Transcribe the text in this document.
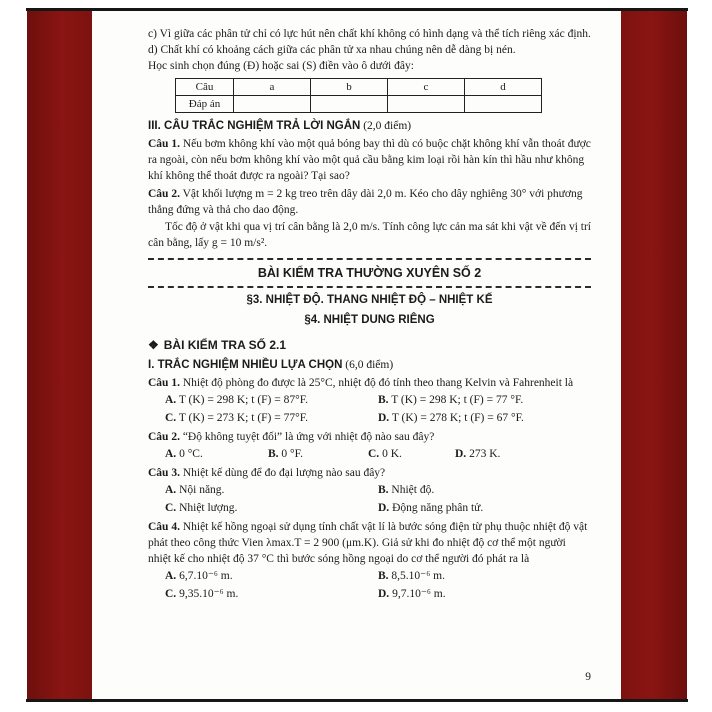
c) Vì giữa các phân tử chỉ có lực hút nên chất khí không có hình dạng và thể tích riêng xác định.

d) Chất khí có khoảng cách giữa các phân tử xa nhau chúng nên dễ dàng bị nén.

Học sinh chọn đúng (Đ) hoặc sai (S) điền vào ô dưới đây:

Câu	a	b	c	d
Đáp án				

III. CÂU TRẮC NGHIỆM TRẢ LỜI NGẮN (2,0 điểm)

Câu 1. Nếu bơm không khí vào một quả bóng bay thì dù có buộc chặt không khí vẫn thoát được ra ngoài, còn nếu bơm không khí vào một quả cầu bằng kim loại rồi hàn kín thì hầu như không khí không thể thoát được ra ngoài? Tại sao?

Câu 2. Vật khối lượng m = 2 kg treo trên dây dài 2,0 m. Kéo cho dây nghiêng 30° với phương thẳng đứng và thả cho dao động.

Tốc độ ở vật khi qua vị trí cân bằng là 2,0 m/s. Tính công lực cản ma sát khi vật về đến vị trí cân bằng, lấy g = 10 m/s².

BÀI KIỂM TRA THƯỜNG XUYÊN SỐ 2
§3. NHIỆT ĐỘ. THANG NHIỆT ĐỘ – NHIỆT KẾ
§4. NHIỆT DUNG RIÊNG

❖ BÀI KIỂM TRA SỐ 2.1

I. TRẮC NGHIỆM NHIỀU LỰA CHỌN (6,0 điểm)

Câu 1. Nhiệt độ phòng đo được là 25°C, nhiệt độ đó tính theo thang Kelvin và Fahrenheit là

A. T (K) = 298 K; t (F) = 87°F.	B. T (K) = 298 K; t (F) = 77 °F.
C. T (K) = 273 K; t (F) = 77°F.	D. T (K) = 278 K; t (F) = 67 °F.

Câu 2. “Độ không tuyệt đối” là ứng với nhiệt độ nào sau đây?

A. 0 °C.	B. 0 °F.	C. 0 K.	D. 273 K.

Câu 3. Nhiệt kế dùng để đo đại lượng nào sau đây?

A. Nội năng.	B. Nhiệt độ.
C. Nhiệt lượng.	D. Động năng phân tử.

Câu 4. Nhiệt kế hồng ngoại sử dụng tính chất vật lí là bước sóng điện từ phụ thuộc nhiệt độ vật phát theo công thức Vien λmax.T = 2 900 (μm.K). Giả sử khi đo nhiệt độ cơ thể một người nhiệt kế cho nhiệt độ 37 °C thì bước sóng hồng ngoại do cơ thể người đó phát ra là

A. 6,7.10⁻⁶ m.	B. 8,5.10⁻⁶ m.
C. 9,35.10⁻⁶ m.	D. 9,7.10⁻⁶ m.
9
